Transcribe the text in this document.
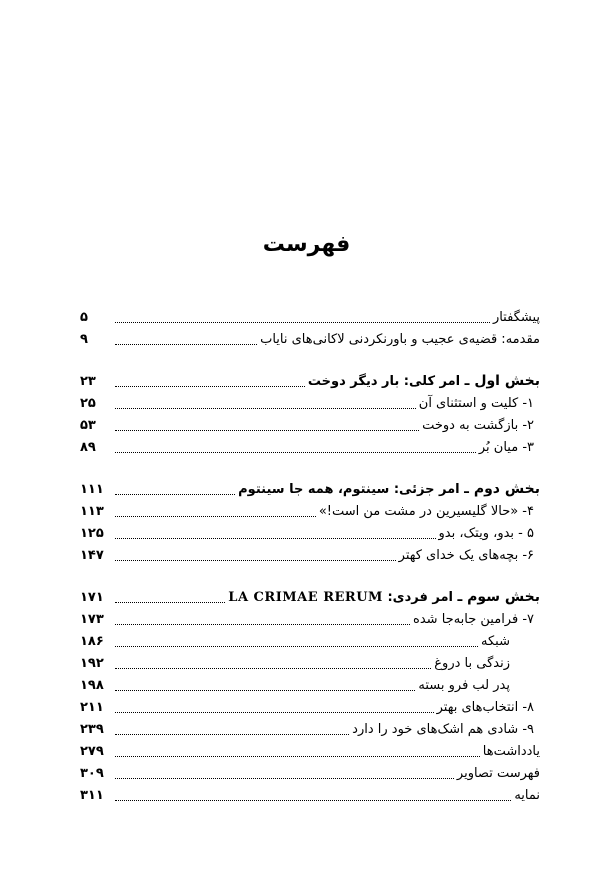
فهرست
پیشگفتار
۵
مقدمه: قضیه‌ی عجیب و باورنکردنی لاکانی‌های نایاب
۹
بخش اول ـ امر کلی: بار دیگر دوخت
۲۳
۱- کلیت و استثنای آن
۲۵
۲- بازگشت به دوخت
۵۳
۳- میان بُر
۸۹
بخش دوم ـ امر جزئی: سینتوم، همه جا سینتوم
۱۱۱
۴- «حالا گلیسیرین در مشت من است!»
۱۱۳
۵ - بدو، ویتک، بدو
۱۲۵
۶- بچه‌های یک خدای کهتر
۱۴۷
بخش سوم ـ امر فردی: LA CRIMAE RERUM
۱۷۱
۷- فرامین جابه‌جا شده
۱۷۳
شبکه
۱۸۶
زندگی با دروغ
۱۹۲
پدر لب فرو بسته
۱۹۸
۸- انتخاب‌های بهتر
۲۱۱
۹- شادی هم اشک‌های خود را دارد
۲۳۹
یادداشت‌ها
۲۷۹
فهرست تصاویر
۳۰۹
نمایه
۳۱۱
